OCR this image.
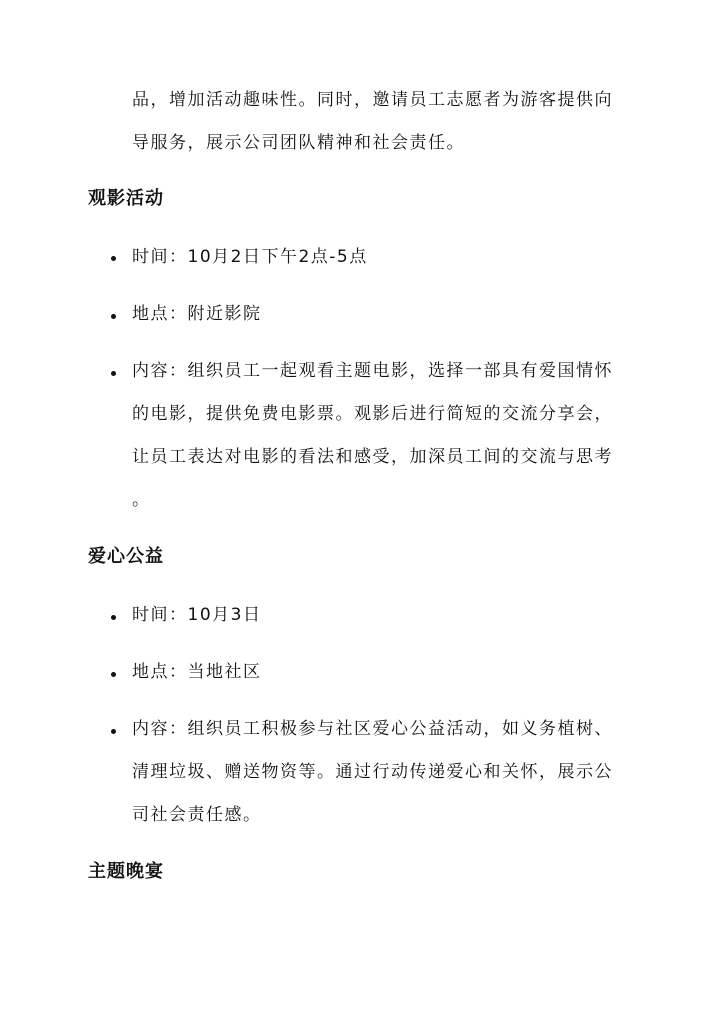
品，增加活动趣味性。同时，邀请员工志愿者为游客提供向
导服务，展示公司团队精神和社会责任。
观影活动
时间：10月2日下午2点-5点
地点：附近影院
内容：组织员工一起观看主题电影，选择一部具有爱国情怀
的电影，提供免费电影票。观影后进行简短的交流分享会，
让员工表达对电影的看法和感受，加深员工间的交流与思考
。
爱心公益
时间：10月3日
地点：当地社区
内容：组织员工积极参与社区爱心公益活动，如义务植树、
清理垃圾、赠送物资等。通过行动传递爱心和关怀，展示公
司社会责任感。
主题晚宴
